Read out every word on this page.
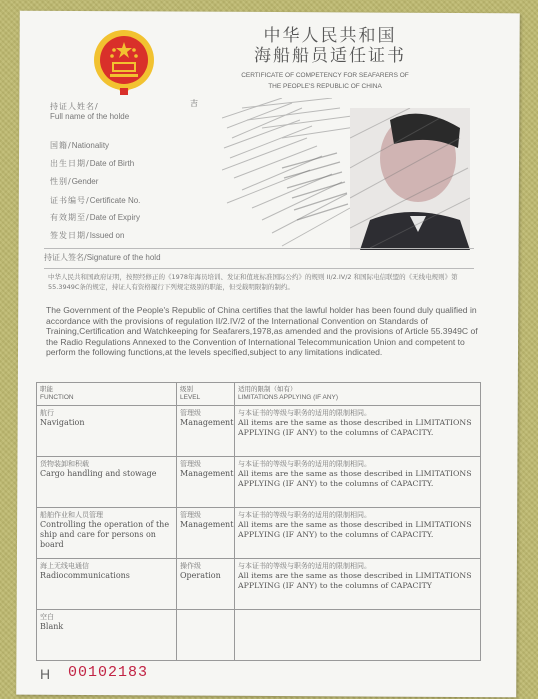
中华人民共和国
海船船员适任证书
CERTIFICATE OF COMPETENCY FOR SEAFARERS OF
THE PEOPLE'S REPUBLIC OF CHINA
持证人姓名/
Full name of the holde
国籍/Nationality
出生日期/Date of Birth
性别/Gender
证书编号/Certificate No.
有效期至/Date of Expiry
签发日期/Issued on
吉
持证人签名/Signature of the hold
中华人民共和国政府证明，按照经修正的《1978年海员培训、发证和值班标准国际公约》的规则 II/2.IV/2 和国际电信联盟的《无线电规则》第55.3949C条的规定，持证人有资格履行下列规定级别的职能，但受载明限制的制约。
The Government of the People's Republic of China certifies that the lawful holder has been found duly qualified in accordance with the provisions of regulation II/2.IV/2 of the International Convention on Standards of Training,Certification and Watchkeeping for Seafarers,1978,as amended and the provisions of Article 55.3949C of the Radio Regulations Annexed to the Convention of International Telecommunication Union and competent to perform the following functions,at the levels specified,subject to any limitations indicated.
职能
FUNCTION	级别
LEVEL	适用的限制（如有）
LIMITATIONS APPLYING (IF ANY)

航行
Navigation	管理级
Management	与本证书的等级与职务的适用的限制相同。
All items are the same as those described in LIMITATIONS APPLYING (IF ANY) to the columns of CAPACITY.

货物装卸和积载
Cargo handling and stowage	管理级
Management	与本证书的等级与职务的适用的限制相同。
All items are the same as those described in LIMITATIONS APPLYING (IF ANY) to the columns of CAPACITY.

船舶作业和人员管理
Controlling the operation of the ship and care for persons on board	管理级
Management	与本证书的等级与职务的适用的限制相同。
All items are the same as those described in LIMITATIONS APPLYING (IF ANY) to the columns of CAPACITY.

海上无线电通信
Radiocommunications	操作级
Operation	与本证书的等级与职务的适用的限制相同。
All items are the same as those described in LIMITATIONS APPLYING (IF ANY) to the columns of CAPACITY

空白
Blank		

H 00102183
